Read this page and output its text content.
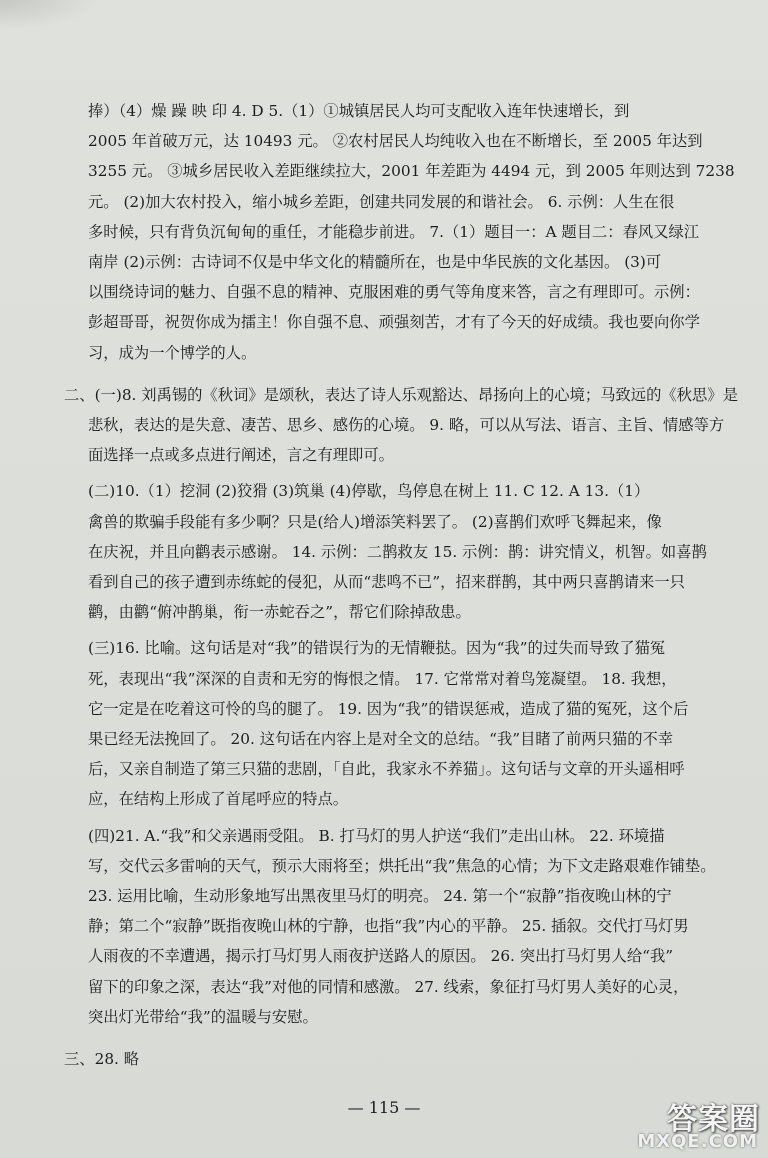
捧）（4）燥 躁 映 印 4. D 5.（1）①城镇居民人均可支配收入连年快速增长，到
2005 年首破万元，达 10493 元。 ②农村居民人均纯收入也在不断增长，至 2005 年达到
3255 元。 ③城乡居民收入差距继续拉大，2001 年差距为 4494 元，到 2005 年则达到 7238
元。 (2)加大农村投入，缩小城乡差距，创建共同发展的和谐社会。 6. 示例：人生在很
多时候，只有背负沉甸甸的重任，才能稳步前进。 7.（1）题目一：A 题目二：春风又绿江
南岸 (2)示例：古诗词不仅是中华文化的精髓所在，也是中华民族的文化基因。 (3)可
以围绕诗词的魅力、自强不息的精神、克服困难的勇气等角度来答，言之有理即可。示例：
彭超哥哥，祝贺你成为擂主！你自强不息、顽强刻苦，才有了今天的好成绩。我也要向你学
习，成为一个博学的人。

二、(一)8. 刘禹锡的《秋词》是颂秋，表达了诗人乐观豁达、昂扬向上的心境；马致远的《秋思》是
悲秋，表达的是失意、凄苦、思乡、感伤的心境。 9. 略，可以从写法、语言、主旨、情感等方
面选择一点或多点进行阐述，言之有理即可。

(二)10.（1）挖洞 (2)狡猾 (3)筑巢 (4)停歇，鸟停息在树上 11. C 12. A 13.（1）
禽兽的欺骗手段能有多少啊？只是(给人)增添笑料罢了。 (2)喜鹊们欢呼飞舞起来，像
在庆祝，并且向鹳表示感谢。 14. 示例：二鹊救友 15. 示例：鹊：讲究情义，机智。如喜鹊
看到自己的孩子遭到赤练蛇的侵犯，从而“悲鸣不已”，招来群鹊，其中两只喜鹊请来一只
鹳，由鹳“俯冲鹊巢，衔一赤蛇吞之”，帮它们除掉敌患。

(三)16. 比喻。这句话是对“我”的错误行为的无情鞭挞。因为“我”的过失而导致了猫冤
死，表现出“我”深深的自责和无穷的悔恨之情。 17. 它常常对着鸟笼凝望。 18. 我想，
它一定是在吃着这可怜的鸟的腿了。 19. 因为“我”的错误惩戒，造成了猫的冤死，这个后
果已经无法挽回了。 20. 这句话在内容上是对全文的总结。“我”目睹了前两只猫的不幸
后，又亲自制造了第三只猫的悲剧，「自此，我家永不养猫」。这句话与文章的开头遥相呼
应，在结构上形成了首尾呼应的特点。

(四)21. A.“我”和父亲遇雨受阻。 B. 打马灯的男人护送“我们”走出山林。 22. 环境描
写，交代云多雷响的天气，预示大雨将至；烘托出“我”焦急的心情；为下文走路艰难作铺垫。
23. 运用比喻，生动形象地写出黑夜里马灯的明亮。 24. 第一个“寂静”指夜晚山林的宁
静；第二个“寂静”既指夜晚山林的宁静，也指“我”内心的平静。 25. 插叙。交代打马灯男
人雨夜的不幸遭遇，揭示打马灯男人雨夜护送路人的原因。 26. 突出打马灯男人给“我”
留下的印象之深，表达“我”对他的同情和感激。 27. 线索，象征打马灯男人美好的心灵，
突出灯光带给“我”的温暖与安慰。

三、28. 略

— 115 —	答案圈
MXQE.COM
